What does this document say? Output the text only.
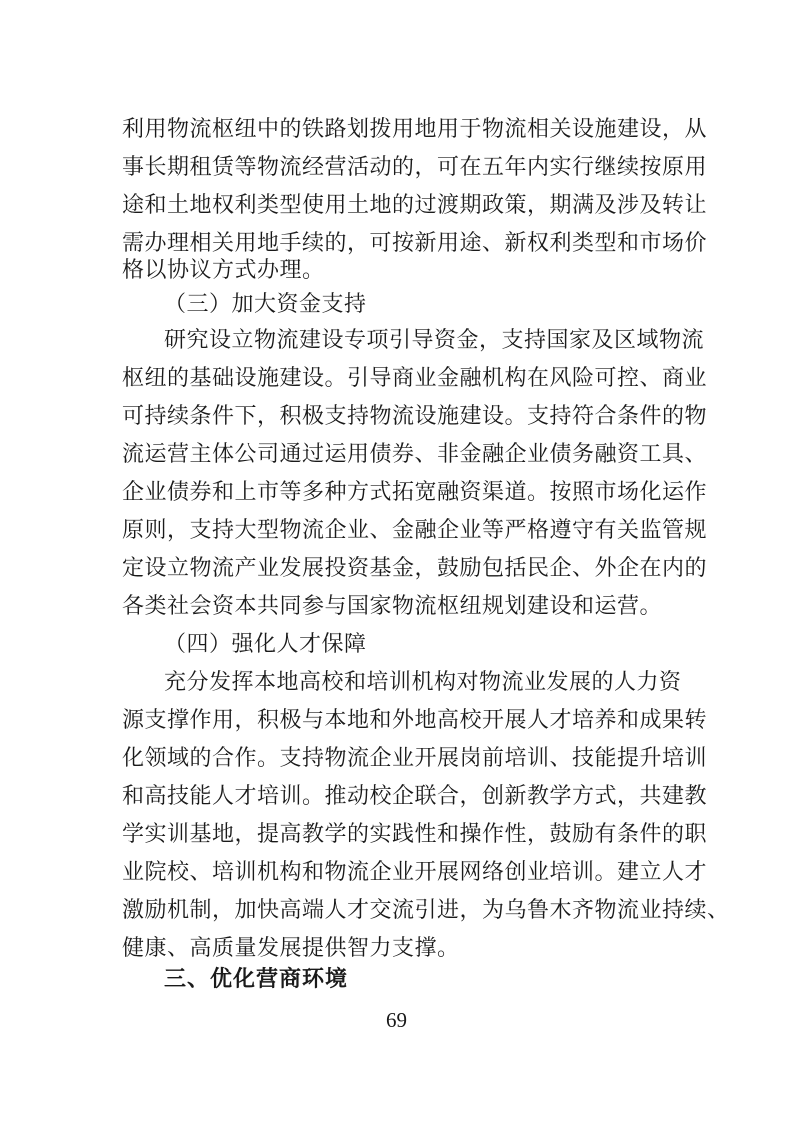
利用物流枢纽中的铁路划拨用地用于物流相关设施建设，从
事长期租赁等物流经营活动的，可在五年内实行继续按原用
途和土地权利类型使用土地的过渡期政策，期满及涉及转让
需办理相关用地手续的，可按新用途、新权利类型和市场价
格以协议方式办理。
（三）加大资金支持
研究设立物流建设专项引导资金，支持国家及区域物流
枢纽的基础设施建设。引导商业金融机构在风险可控、商业
可持续条件下，积极支持物流设施建设。支持符合条件的物
流运营主体公司通过运用债券、非金融企业债务融资工具、
企业债券和上市等多种方式拓宽融资渠道。按照市场化运作
原则，支持大型物流企业、金融企业等严格遵守有关监管规
定设立物流产业发展投资基金，鼓励包括民企、外企在内的
各类社会资本共同参与国家物流枢纽规划建设和运营。
（四）强化人才保障
充分发挥本地高校和培训机构对物流业发展的人力资
源支撑作用，积极与本地和外地高校开展人才培养和成果转
化领域的合作。支持物流企业开展岗前培训、技能提升培训
和高技能人才培训。推动校企联合，创新教学方式，共建教
学实训基地，提高教学的实践性和操作性，鼓励有条件的职
业院校、培训机构和物流企业开展网络创业培训。建立人才
激励机制，加快高端人才交流引进，为乌鲁木齐物流业持续、
健康、高质量发展提供智力支撑。
三、优化营商环境
69
